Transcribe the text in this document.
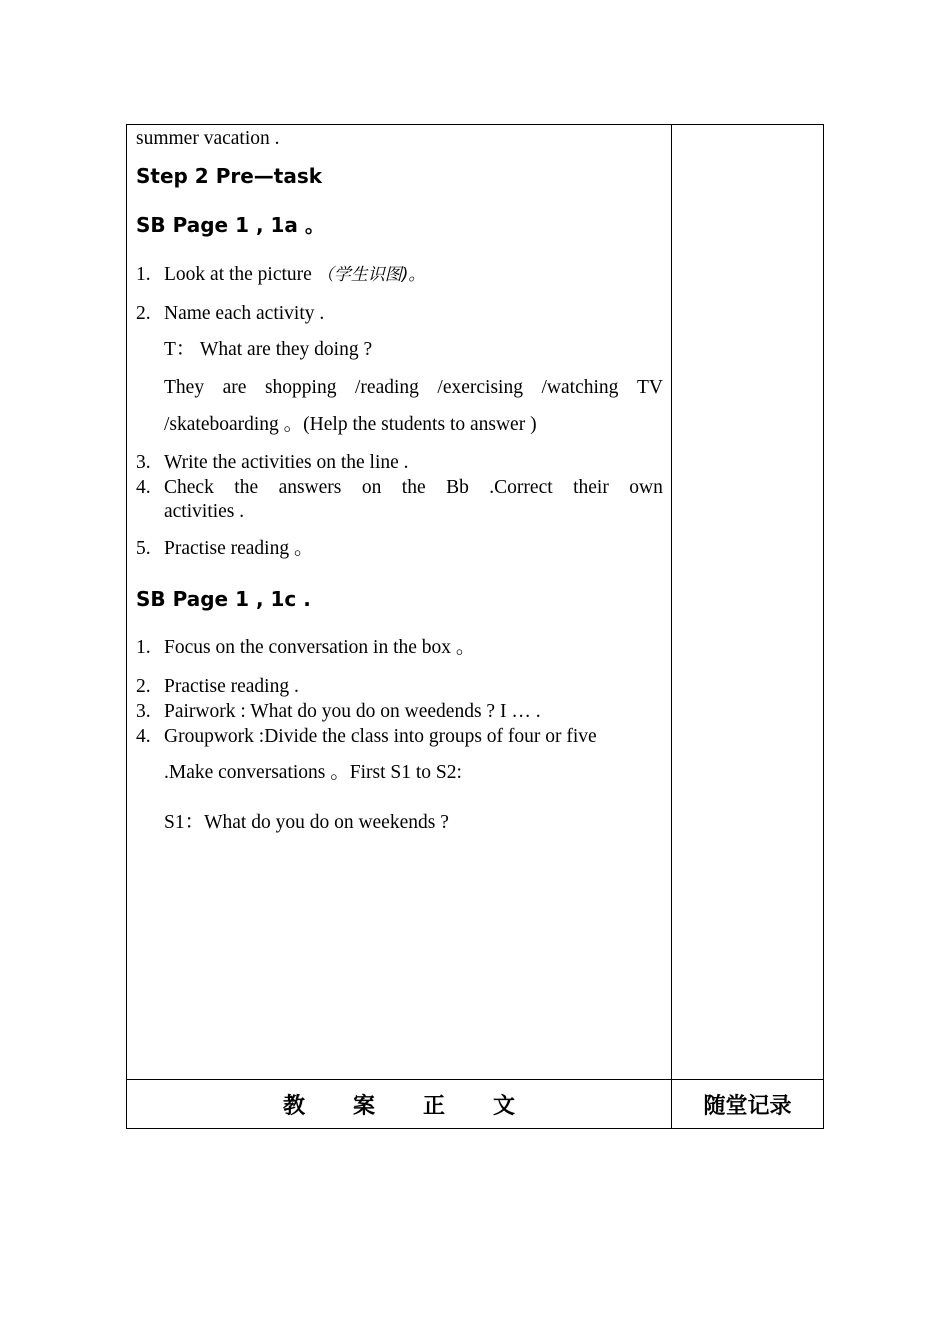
summer vacation .
Step 2 Pre—task
SB Page 1 , 1a 。
1. Look at the picture （学生识图)。
2. Name each activity .
T： What are they doing ?
They are shopping /reading /exercising /watching TV
/skateboarding 。(Help the students to answer )
3. Write the activities on the line .
4. Check the answers on the Bb .Correct their own
activities .
5. Practise reading 。
SB Page 1 , 1c .
1. Focus on the conversation in the box 。
2. Practise reading .
3. Pairwork : What do you do on weedends ? I … .
4. Groupwork :Divide the class into groups of four or five
.Make conversations 。First S1 to S2:
S1：What do you do on weekends ?
教 案 正 文	随堂记录
